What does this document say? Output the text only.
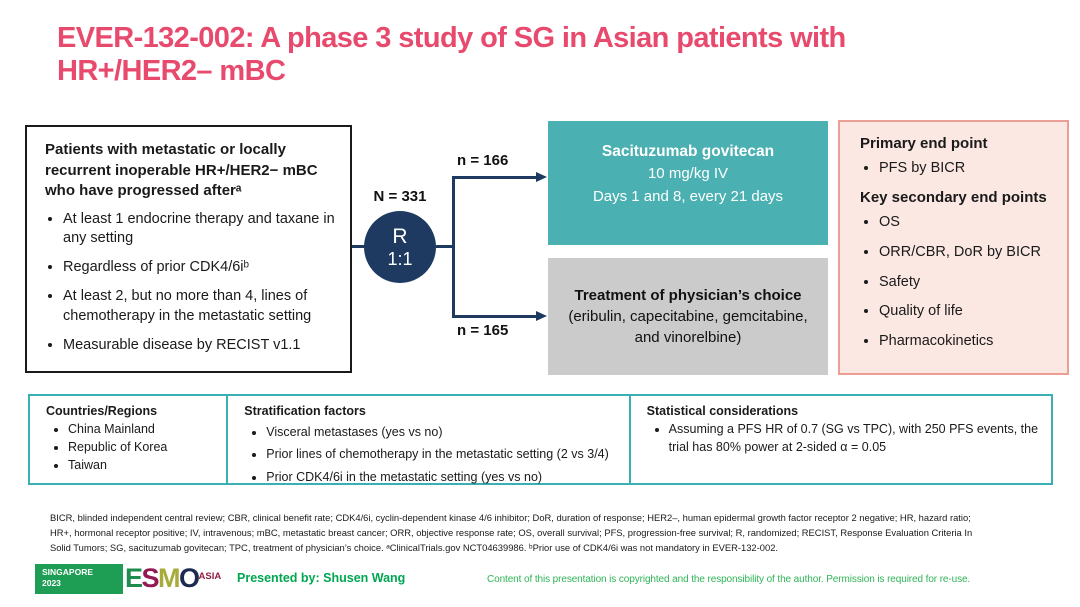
EVER-132-002: A phase 3 study of SG in Asian patients with
HR+/HER2– mBC
Patients with metastatic or locally recurrent inoperable HR+/HER2− mBC who have progressed afterᵃ
• At least 1 endocrine therapy and taxane in any setting
• Regardless of prior CDK4/6iᵇ
• At least 2, but no more than 4, lines of chemotherapy in the metastatic setting
• Measurable disease by RECIST v1.1
N = 331
R
1:1
n = 166
n = 165
Sacituzumab govitecan
10 mg/kg IV
Days 1 and 8, every 21 days
Treatment of physician’s choice
(eribulin, capecitabine, gemcitabine,
and vinorelbine)
Primary end point
• PFS by BICR
Key secondary end points
• OS
• ORR/CBR, DoR by BICR
• Safety
• Quality of life
• Pharmacokinetics
Countries/Regions
• China Mainland
• Republic of Korea
• Taiwan
Stratification factors
• Visceral metastases (yes vs no)
• Prior lines of chemotherapy in the metastatic setting (2 vs 3/4)
• Prior CDK4/6i in the metastatic setting (yes vs no)
Statistical considerations
• Assuming a PFS HR of 0.7 (SG vs TPC), with 250 PFS events, the trial has 80% power at 2-sided α = 0.05
BICR, blinded independent central review; CBR, clinical benefit rate; CDK4/6i, cyclin-dependent kinase 4/6 inhibitor; DoR, duration of response; HER2–, human epidermal growth factor receptor 2 negative; HR, hazard ratio;
HR+, hormonal receptor positive; IV, intravenous; mBC, metastatic breast cancer; ORR, objective response rate; OS, overall survival; PFS, progression-free survival; R, randomized; RECIST, Response Evaluation Criteria In
Solid Tumors; SG, sacituzumab govitecan; TPC, treatment of physician’s choice. ᵃClinicalTrials.gov NCT04639986. ᵇPrior use of CDK4/6i was not mandatory in EVER-132-002.
SINGAPORE
2023	E S M O ASIA Presented by: Shusen Wang	Content of this presentation is copyrighted and the responsibility of the author. Permission is required for re-use.
